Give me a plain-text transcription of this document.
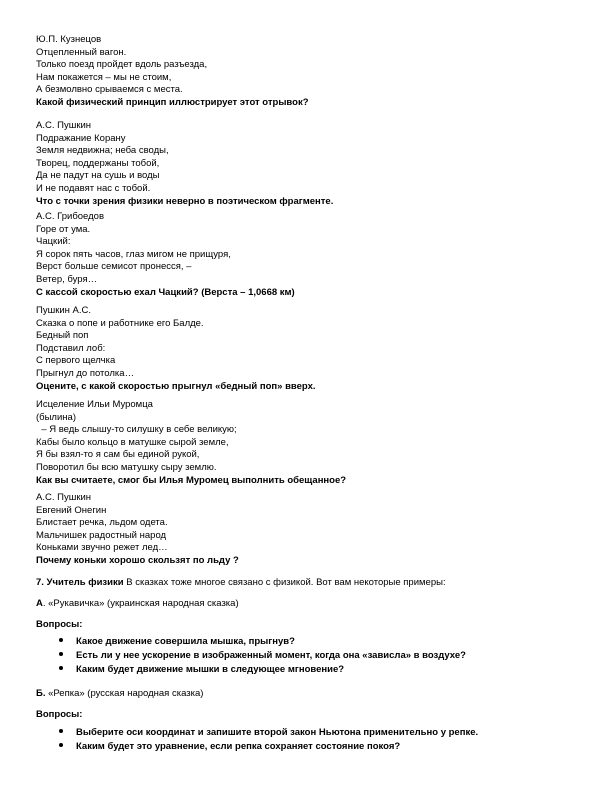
Ю.П. Кузнецов
Отцепленный вагон.
Только поезд пройдет вдоль разъезда,
Нам покажется – мы не стоим,
А безмолвно срываемся с места.
Какой физический принцип иллюстрирует этот отрывок?
А.С. Пушкин
Подражание Корану
Земля недвижна; неба своды,
Творец, поддержаны тобой,
Да не падут на сушь и воды
И не подавят нас с тобой.
Что с точки зрения физики неверно в поэтическом фрагменте.
А.С. Грибоедов
Горе от ума.
Чацкий:
Я сорок пять часов, глаз мигом не прищуря,
Верст больше семисот пронесся, –
Ветер, буря…
С кассой скоростью ехал Чацкий? (Верста – 1,0668 км)
Пушкин А.С.
Сказка о попе и работнике его Балде.
Бедный поп
Подставил лоб:
С первого щелчка
Прыгнул до потолка…
Оцените, с какой скоростью прыгнул «бедный поп» вверх.
Исцеление Ильи Муромца
(былина)
– Я ведь слышу-то силушку в себе великую;
Кабы было кольцо в матушке сырой земле,
Я бы взял-то я сам бы единой рукой,
Поворотил бы всю матушку сыру землю.
Как вы считаете, смог бы Илья Муромец выполнить обещанное?
А.С. Пушкин
Евгений Онегин
Блистает речка, льдом одета.
Мальчишек радостный народ
Коньками звучно режет лед…
Почему коньки хорошо скользят по льду ?
7. Учитель физики В сказках тоже многое связано с физикой. Вот вам некоторые примеры:
А. «Рукавичка» (украинская народная сказка)
Вопросы:
Какое движение совершила мышка, прыгнув?
Есть ли у нее ускорение в изображенный момент, когда она «зависла» в воздухе?
Каким будет движение мышки в следующее мгновение?
Б. «Репка» (русская народная сказка)
Вопросы:
Выберите оси координат и запишите второй закон Ньютона применительно у репке.
Каким будет это уравнение, если репка сохраняет состояние покоя?
